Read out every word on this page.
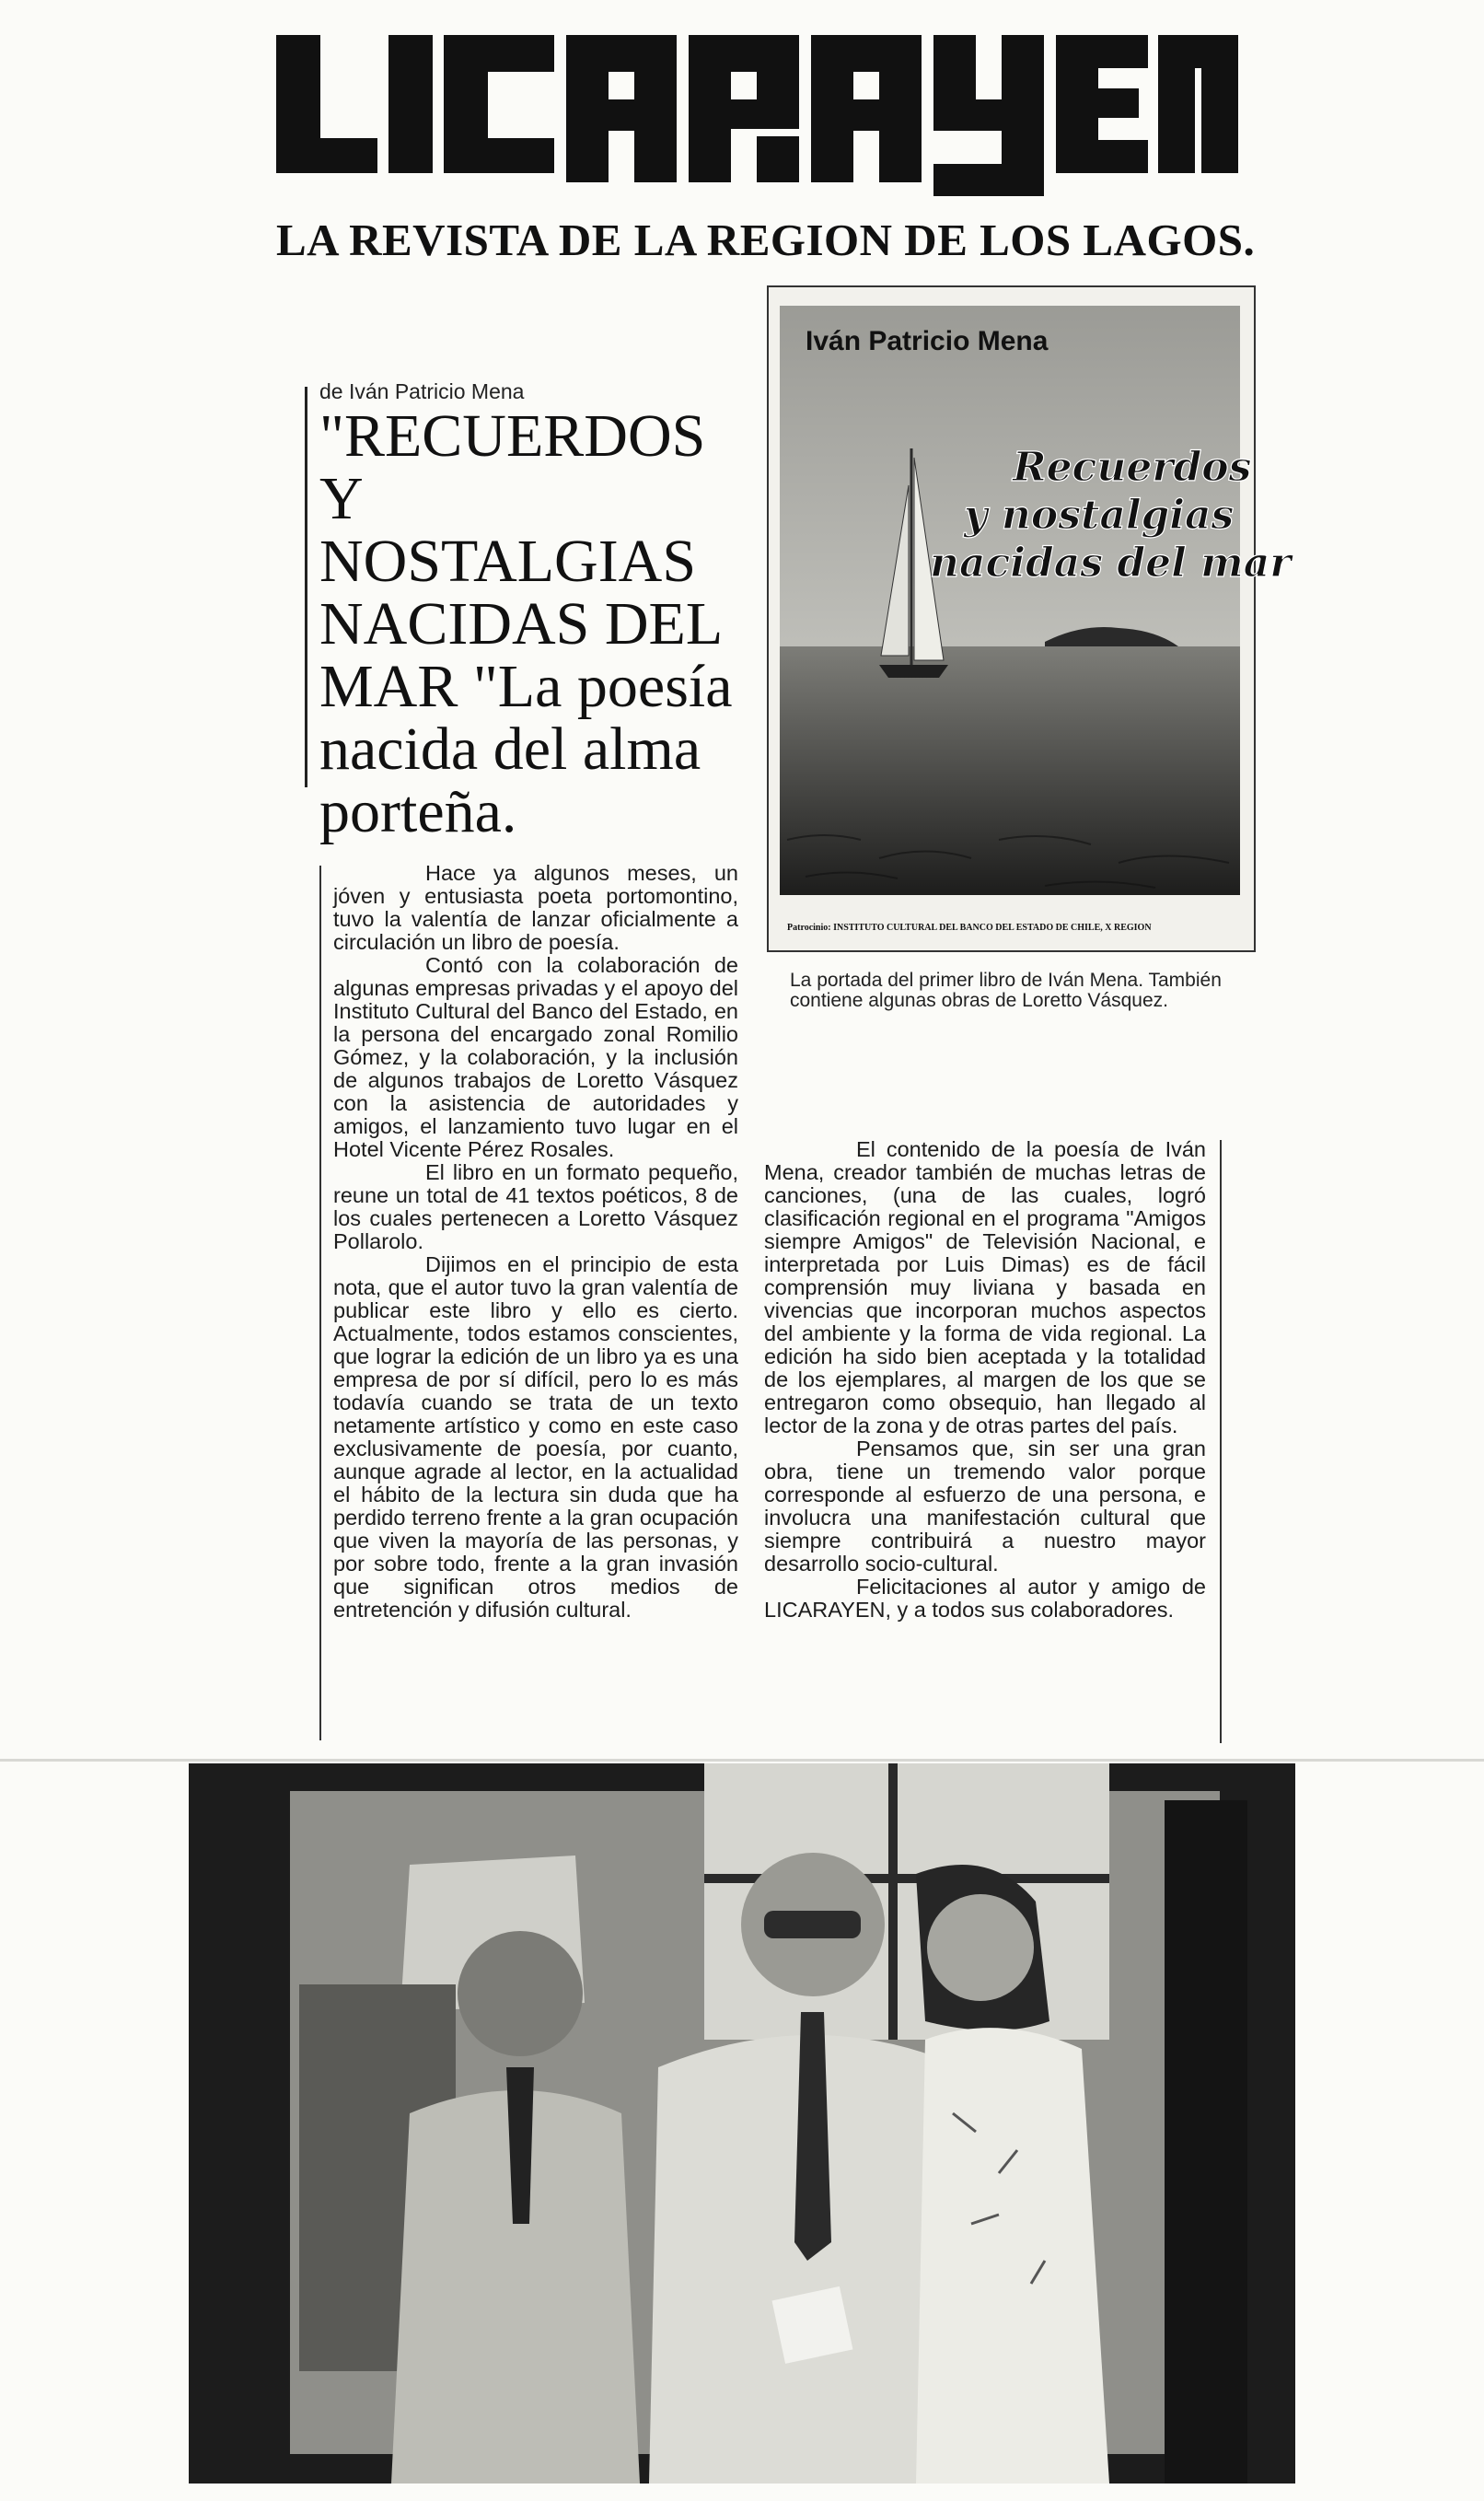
LA REVISTA DE LA REGION DE LOS LAGOS.
de Iván Patricio Mena
"RECUERDOS Y NOSTALGIAS NACIDAS DEL MAR "La poesía nacida del alma porteña.
Iván Patricio Mena
Recuerdos
y nostalgias
nacidas del mar
Patrocinio: INSTITUTO CULTURAL DEL BANCO DEL ESTADO DE CHILE, X REGION
La portada del primer libro de Iván Mena. También contiene algunas obras de Loretto Vásquez.

Hace ya algunos meses, un jóven y entusiasta poeta portomontino, tuvo la valentía de lanzar oficialmente a circulación un libro de poesía.

Contó con la colaboración de algunas empresas privadas y el apoyo del Instituto Cultural del Banco del Estado, en la persona del encargado zonal Romilio Gómez, y la colaboración, y la inclusión de algunos trabajos de Loretto Vásquez con la asistencia de autoridades y amigos, el lanzamiento tuvo lugar en el Hotel Vicente Pérez Rosales.

El libro en un formato pequeño, reune un total de 41 textos poéticos, 8 de los cuales pertenecen a Loretto Vásquez Pollarolo.

Dijimos en el principio de esta nota, que el autor tuvo la gran valentía de publicar este libro y ello es cierto. Actualmente, todos estamos conscientes, que lograr la edición de un libro ya es una empresa de por sí difícil, pero lo es más todavía cuando se trata de un texto netamente artístico y como en este caso exclusivamente de poesía, por cuanto, aunque agrade al lector, en la actualidad el hábito de la lectura sin duda que ha perdido terreno frente a la gran ocupación que viven la mayoría de las personas, y por sobre todo, frente a la gran invasión que significan otros medios de entretención y difusión cultural.

El contenido de la poesía de Iván Mena, creador también de muchas letras de canciones, (una de las cuales, logró clasificación regional en el programa "Amigos siempre Amigos" de Televisión Nacional, e interpretada por Luis Dimas) es de fácil comprensión muy liviana y basada en vivencias que incorporan muchos aspectos del ambiente y la forma de vida regional. La edición ha sido bien aceptada y la totalidad de los ejemplares, al margen de los que se entregaron como obsequio, han llegado al lector de la zona y de otras partes del país.

Pensamos que, sin ser una gran obra, tiene un tremendo valor porque corresponde al esfuerzo de una persona, e involucra una manifestación cultural que siempre contribuirá a nuestro mayor desarrollo socio-cultural.

Felicitaciones al autor y amigo de LICARAYEN, y a todos sus colaboradores.
